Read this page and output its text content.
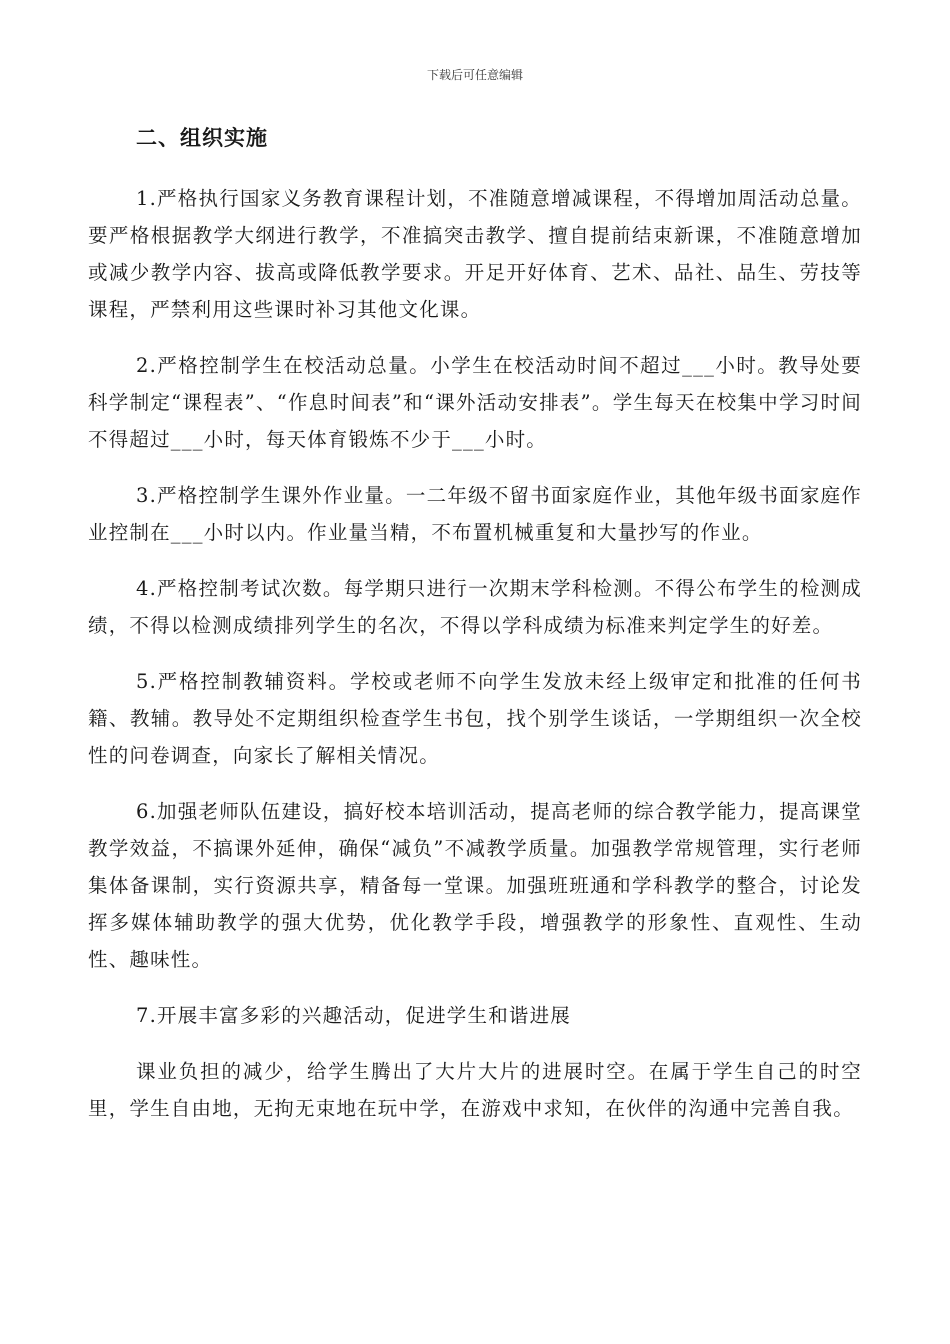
下载后可任意编辑
二、组织实施

1.严格执行国家义务教育课程计划，不准随意增减课程，不得增加周活动总量。要严格根据教学大纲进行教学，不准搞突击教学、擅自提前结束新课，不准随意增加或减少教学内容、拔高或降低教学要求。开足开好体育、艺术、品社、品生、劳技等课程，严禁利用这些课时补习其他文化课。

2.严格控制学生在校活动总量。小学生在校活动时间不超过___小时。教导处要科学制定“课程表”、“作息时间表”和“课外活动安排表”。学生每天在校集中学习时间不得超过___小时，每天体育锻炼不少于___小时。

3.严格控制学生课外作业量。一二年级不留书面家庭作业，其他年级书面家庭作业控制在___小时以内。作业量当精，不布置机械重复和大量抄写的作业。

4.严格控制考试次数。每学期只进行一次期末学科检测。不得公布学生的检测成绩，不得以检测成绩排列学生的名次，不得以学科成绩为标准来判定学生的好差。

5.严格控制教辅资料。学校或老师不向学生发放未经上级审定和批准的任何书籍、教辅。教导处不定期组织检查学生书包，找个别学生谈话，一学期组织一次全校性的问卷调查，向家长了解相关情况。

6.加强老师队伍建设，搞好校本培训活动，提高老师的综合教学能力，提高课堂教学效益，不搞课外延伸，确保“减负”不减教学质量。加强教学常规管理，实行老师集体备课制，实行资源共享，精备每一堂课。加强班班通和学科教学的整合，讨论发挥多媒体辅助教学的强大优势，优化教学手段，增强教学的形象性、直观性、生动性、趣味性。

7.开展丰富多彩的兴趣活动，促进学生和谐进展

课业负担的减少，给学生腾出了大片大片的进展时空。在属于学生自己的时空里，学生自由地，无拘无束地在玩中学，在游戏中求知，在伙伴的沟通中完善自我。
